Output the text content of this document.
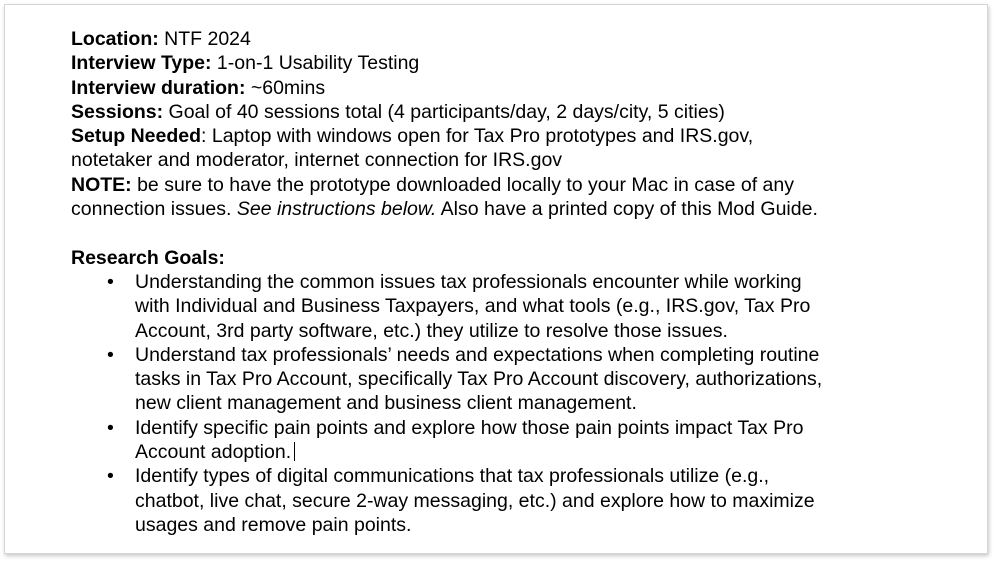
Location: NTF 2024
Interview Type: 1-on-1 Usability Testing
Interview duration: ~60mins
Sessions: Goal of 40 sessions total (4 participants/day, 2 days/city, 5 cities)
Setup Needed: Laptop with windows open for Tax Pro prototypes and IRS.gov,
notetaker and moderator, internet connection for IRS.gov
NOTE: be sure to have the prototype downloaded locally to your Mac in case of any
connection issues. See instructions below. Also have a printed copy of this Mod Guide.
Research Goals:
• Understanding the common issues tax professionals encounter while working
with Individual and Business Taxpayers, and what tools (e.g., IRS.gov, Tax Pro
Account, 3rd party software, etc.) they utilize to resolve those issues.
• Understand tax professionals’ needs and expectations when completing routine
tasks in Tax Pro Account, specifically Tax Pro Account discovery, authorizations,
new client management and business client management.
• Identify specific pain points and explore how those pain points impact Tax Pro
Account adoption.
• Identify types of digital communications that tax professionals utilize (e.g.,
chatbot, live chat, secure 2-way messaging, etc.) and explore how to maximize
usages and remove pain points.
